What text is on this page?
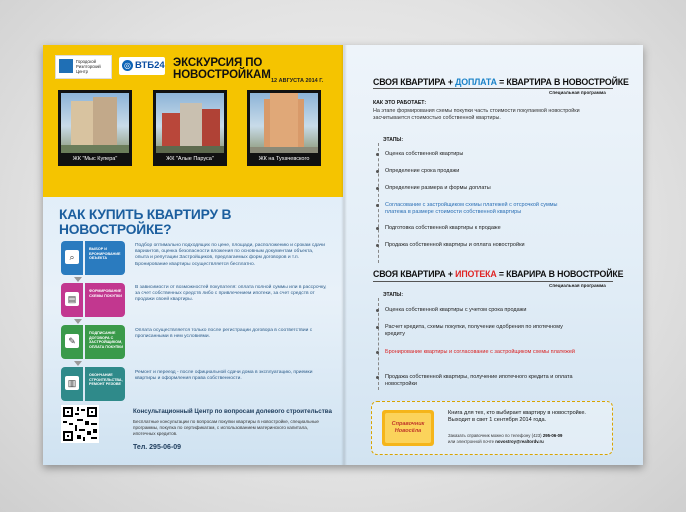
Городской Риэлторский Центр
◎ ВТБ24 ЭКСКУРСИЯ ПО НОВОСТРОЙКАМ 12 АВГУСТА 2014 Г.
ЖК "Мыс Купера"	ЖК "Алые Паруса"	ЖК на Тухачевского
КАК КУПИТЬ КВАРТИРУ В НОВОСТРОЙКЕ?
⌕
ВЫБОР И БРОНИРОВАНИЕ ОБЪЕКТА
Подбор оптимально подходящих по цене, площади, расположению и срокам сдачи вариантов, оценка безопасности вложения по основным документам объекта, опыта и репутации Застройщиков, предлагаемых форм договоров и т.п. Бронирование квартиры осуществляется бесплатно.
▤
ФОРМИРОВАНИЕ СХЕМЫ ПОКУПКИ
В зависимости от возможностей покупателя: оплата полной суммы или в рассрочку, за счет собственных средств либо с привлечением ипотеки, за счет средств от продажи своей квартиры.
✎
ПОДПИСАНИЕ ДОГОВОРА С ЗАСТРОЙЩИКОМ, ОПЛАТА ПОКУПКИ
Оплата осуществляется только после регистрации договора в соответствии с прописанными в нем условиями.
▥
ОКОНЧАНИЕ СТРОИТЕЛЬСТВА, РЕМОНТ РЕЗОВЕ
Ремонт и переезд - после официальной сдачи дома в эксплуатацию, приемки квартиры и оформления права собственности.
Консультационный Центр по вопросам долевого строительства
Бесплатные консультации по вопросам покупки квартиры в новостройке, специальные программы, покупка по сертификатам, с использованием материнского капитала, ипотечных кредитов.
Тел. 295-06-09
СВОЯ КВАРТИРА + ДОПЛАТА = КВАРТИРА В НОВОСТРОЙКЕ
Специальная программа
КАК ЭТО РАБОТАЕТ:
На этапе формирования схемы покупки часть стоимости покупаемой новостройки засчитывается стоимостью собственной квартиры.
ЭТАПЫ:
Оценка собственной квартиры
Определение срока продажи
Определение размера и формы доплаты
Согласование с застройщиком схемы платежей с отсрочкой суммы платежа в размере стоимости собственной квартиры
Подготовка собственной квартиры к продаже
Продажа собственной квартиры и оплата новостройки
СВОЯ КВАРТИРА + ИПОТЕКА = КВАРИРА В НОВОСТРОЙКЕ
Специальная программа
ЭТАПЫ:
Оценка собственной квартиры с учетом срока продажи
Расчет кредита, схемы покупки, получение одобрения по ипотечному кредиту
Бронирование квартиры и согласование с застройщиком схемы платежей
Продажа собственной квартиры, получение ипотечного кредита и оплата новостройки
Справочник Новосёла
Книга для тех, кто выбирает квартиру в новостройке. Выходит в свет 1 сентября 2014 года.
Заказать справочник можно по телефону (423) 295-06-09
или электронной почте novostroy@realtordv.ru
